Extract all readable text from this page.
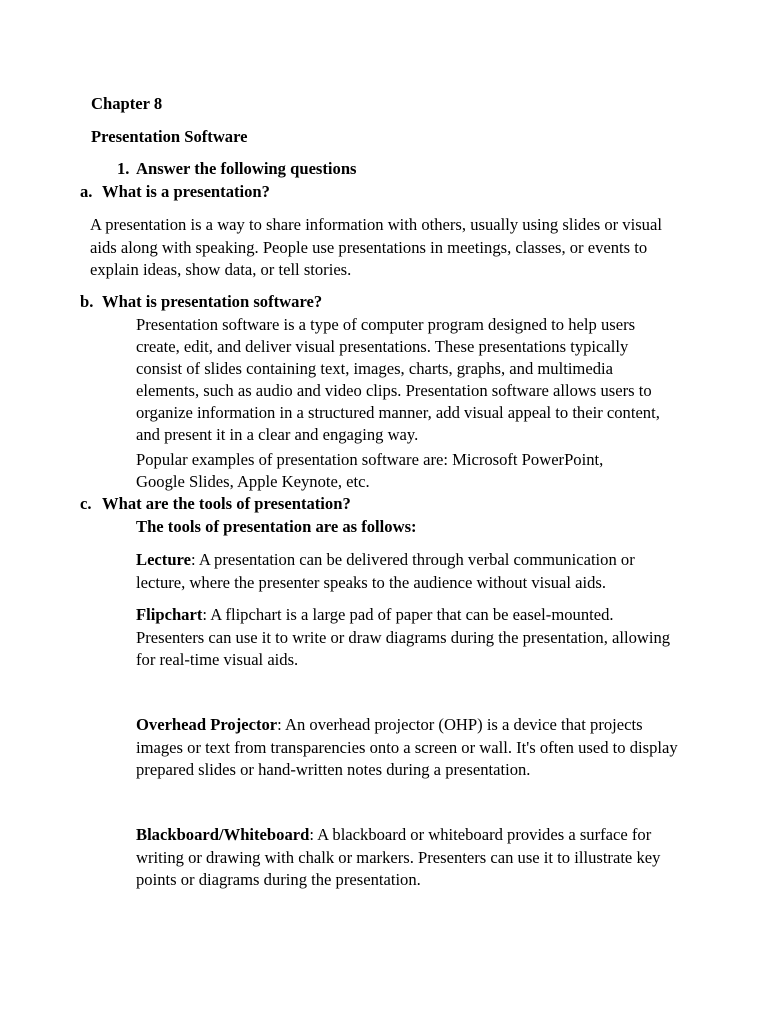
Chapter 8

Presentation Software

1. Answer the following questions

a. What is a presentation?

A presentation is a way to share information with others, usually using slides or visual aids along with speaking. People use presentations in meetings, classes, or events to explain ideas, show data, or tell stories.

b. What is presentation software?

Presentation software is a type of computer program designed to help users create, edit, and deliver visual presentations. These presentations typically consist of slides containing text, images, charts, graphs, and multimedia elements, such as audio and video clips. Presentation software allows users to organize information in a structured manner, add visual appeal to their content, and present it in a clear and engaging way.

Popular examples of presentation software are: Microsoft PowerPoint, Google Slides, Apple Keynote, etc.

c. What are the tools of presentation?

The tools of presentation are as follows:

Lecture: A presentation can be delivered through verbal communication or lecture, where the presenter speaks to the audience without visual aids.

Flipchart: A flipchart is a large pad of paper that can be easel-mounted. Presenters can use it to write or draw diagrams during the presentation, allowing for real-time visual aids.

Overhead Projector: An overhead projector (OHP) is a device that projects images or text from transparencies onto a screen or wall. It's often used to display prepared slides or hand-written notes during a presentation.

Blackboard/Whiteboard: A blackboard or whiteboard provides a surface for writing or drawing with chalk or markers. Presenters can use it to illustrate key points or diagrams during the presentation.
